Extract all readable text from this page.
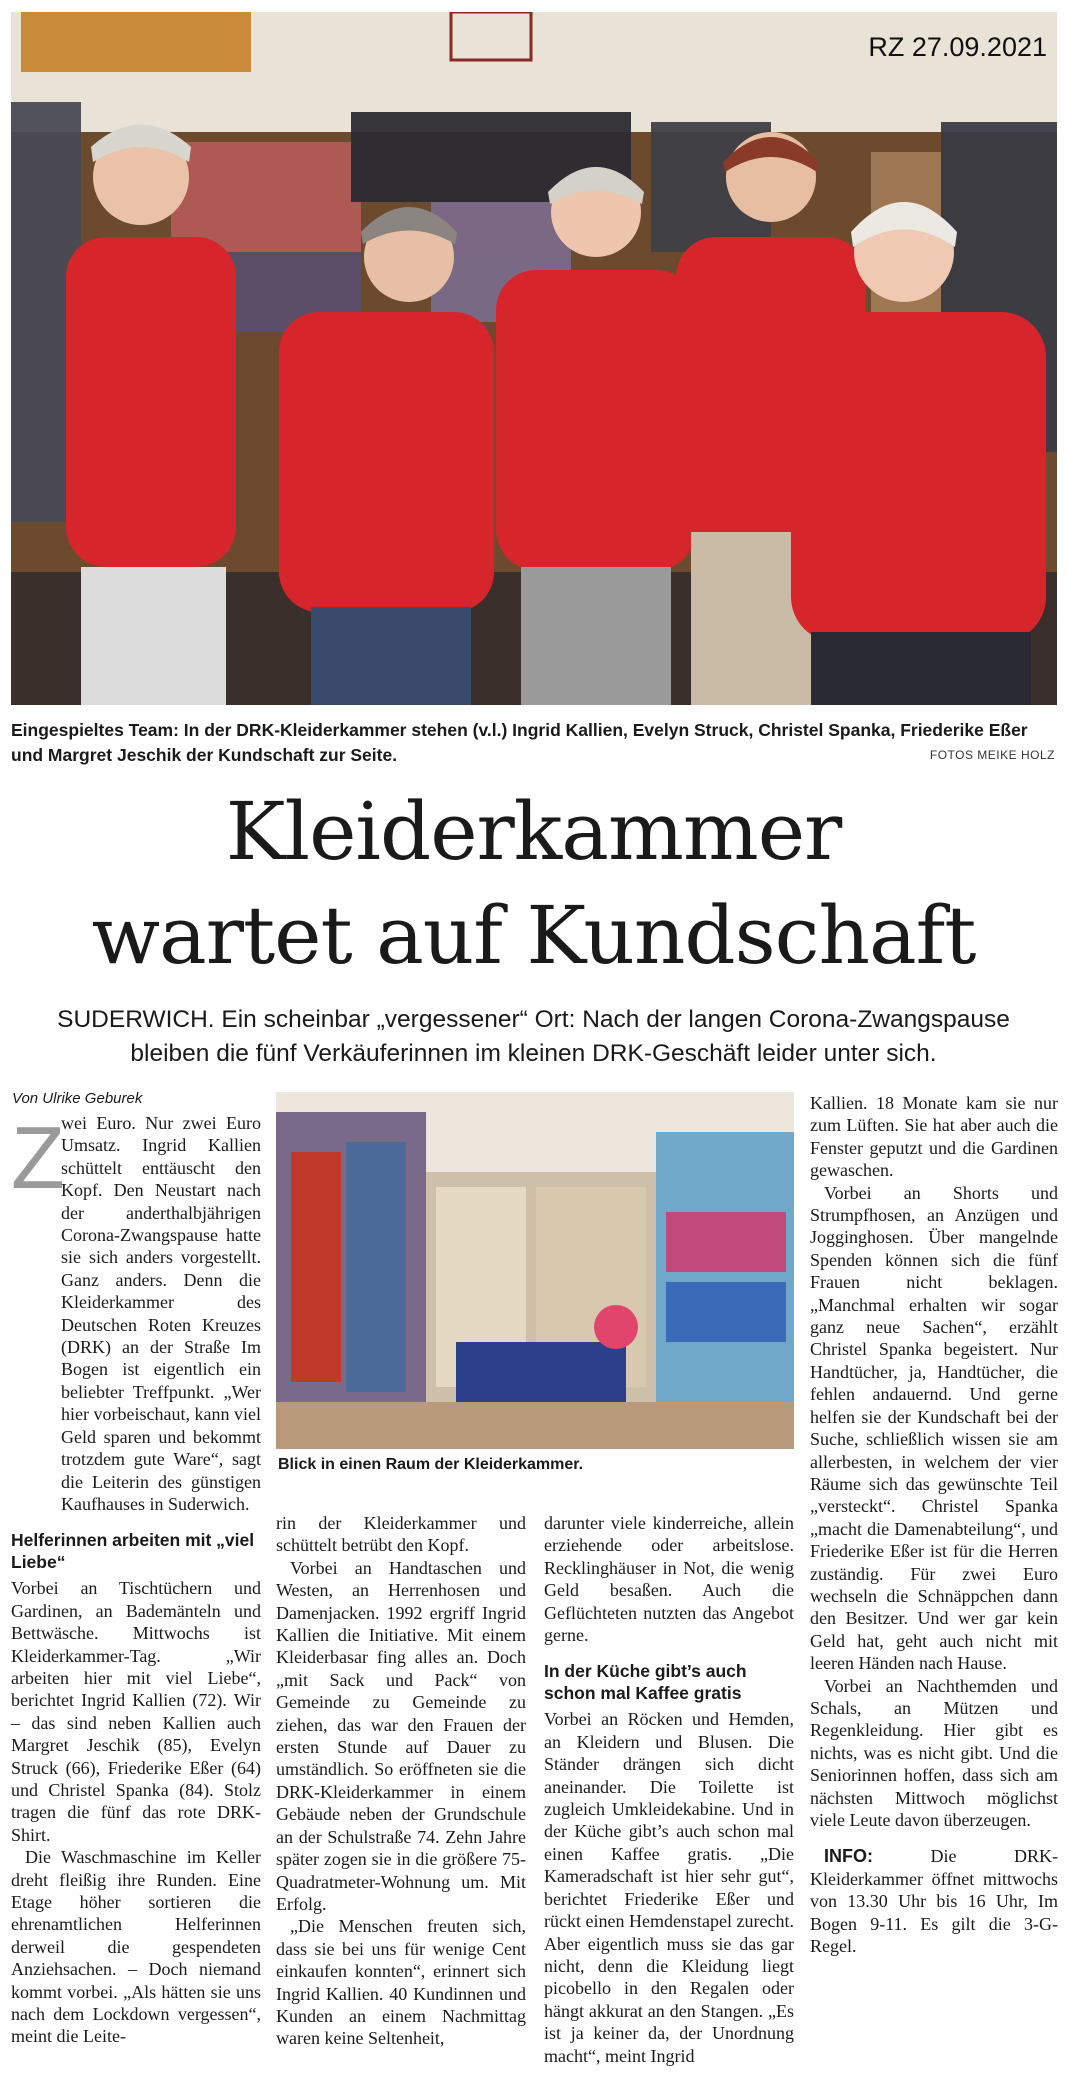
RZ 27.09.2021
Eingespieltes Team: In der DRK-Kleiderkammer stehen (v.l.) Ingrid Kallien, Evelyn Struck, Christel Spanka, Friederike Eßer und Margret Jeschik der Kundschaft zur Seite.	FOTOS MEIKE HOLZ
Kleiderkammer
wartet auf Kundschaft
SUDERWICH. Ein scheinbar „vergessener“ Ort: Nach der langen Corona-Zwangspause bleiben die fünf Verkäuferinnen im kleinen DRK-Geschäft leider unter sich.
Von Ulrike Geburek
Z

wei Euro. Nur zwei Euro Umsatz. Ingrid Kallien schüttelt enttäuscht den Kopf. Den Neustart nach der anderthalbjährigen Corona-Zwangspause hatte sie sich anders vorgestellt. Ganz anders. Denn die Kleiderkammer des Deutschen Roten Kreuzes (DRK) an der Straße Im Bogen ist eigentlich ein beliebter Treffpunkt. „Wer hier vorbeischaut, kann viel Geld sparen und bekommt trotzdem gute Ware“, sagt die Leiterin des günstigen Kaufhauses in Suderwich.

Helferinnen arbeiten mit „viel Liebe“

Vorbei an Tischtüchern und Gardinen, an Bademänteln und Bettwäsche. Mittwochs ist Kleiderkammer-Tag. „Wir arbeiten hier mit viel Liebe“, berichtet Ingrid Kallien (72). Wir – das sind neben Kallien auch Margret Jeschik (85), Evelyn Struck (66), Friederike Eßer (64) und Christel Spanka (84). Stolz tragen die fünf das rote DRK-Shirt.

Die Waschmaschine im Keller dreht fleißig ihre Runden. Eine Etage höher sortieren die ehrenamtlichen Helferinnen derweil die gespendeten Anziehsachen. – Doch niemand kommt vorbei. „Als hätten sie uns nach dem Lockdown vergessen“, meint die Leite-

Blick in einen Raum der Kleiderkammer.

rin der Kleiderkammer und schüttelt betrübt den Kopf.

Vorbei an Handtaschen und Westen, an Herrenhosen und Damenjacken. 1992 ergriff Ingrid Kallien die Initiative. Mit einem Kleiderbasar fing alles an. Doch „mit Sack und Pack“ von Gemeinde zu Gemeinde zu ziehen, das war den Frauen der ersten Stunde auf Dauer zu umständlich. So eröffneten sie die DRK-Kleiderkammer in einem Gebäude neben der Grundschule an der Schulstraße 74. Zehn Jahre später zogen sie in die größere 75-Quadratmeter-Wohnung um. Mit Erfolg.

„Die Menschen freuten sich, dass sie bei uns für wenige Cent einkaufen konnten“, erinnert sich Ingrid Kallien. 40 Kundinnen und Kunden an einem Nachmittag waren keine Seltenheit,

darunter viele kinderreiche, allein erziehende oder arbeitslose. Recklinghäuser in Not, die wenig Geld besaßen. Auch die Geflüchteten nutzten das Angebot gerne.

In der Küche gibt’s auch schon mal Kaffee gratis

Vorbei an Röcken und Hemden, an Kleidern und Blusen. Die Ständer drängen sich dicht aneinander. Die Toilette ist zugleich Umkleidekabine. Und in der Küche gibt’s auch schon mal einen Kaffee gratis. „Die Kameradschaft ist hier sehr gut“, berichtet Friederike Eßer und rückt einen Hemdenstapel zurecht. Aber eigentlich muss sie das gar nicht, denn die Kleidung liegt picobello in den Regalen oder hängt akkurat an den Stangen. „Es ist ja keiner da, der Unordnung macht“, meint Ingrid

Kallien. 18 Monate kam sie nur zum Lüften. Sie hat aber auch die Fenster geputzt und die Gardinen gewaschen.

Vorbei an Shorts und Strumpfhosen, an Anzügen und Jogginghosen. Über mangelnde Spenden können sich die fünf Frauen nicht beklagen. „Manchmal erhalten wir sogar ganz neue Sachen“, erzählt Christel Spanka begeistert. Nur Handtücher, ja, Handtücher, die fehlen andauernd. Und gerne helfen sie der Kundschaft bei der Suche, schließlich wissen sie am allerbesten, in welchem der vier Räume sich das gewünschte Teil „versteckt“. Christel Spanka „macht die Damenabteilung“, und Friederike Eßer ist für die Herren zuständig. Für zwei Euro wechseln die Schnäppchen dann den Besitzer. Und wer gar kein Geld hat, geht auch nicht mit leeren Händen nach Hause.

Vorbei an Nachthemden und Schals, an Mützen und Regenkleidung. Hier gibt es nichts, was es nicht gibt. Und die Seniorinnen hoffen, dass sich am nächsten Mittwoch möglichst viele Leute davon überzeugen.

INFO:	Die DRK-Kleiderkammer öffnet mittwochs von 13.30 Uhr bis 16 Uhr, Im Bogen 9-11. Es gilt die 3-G-Regel.
